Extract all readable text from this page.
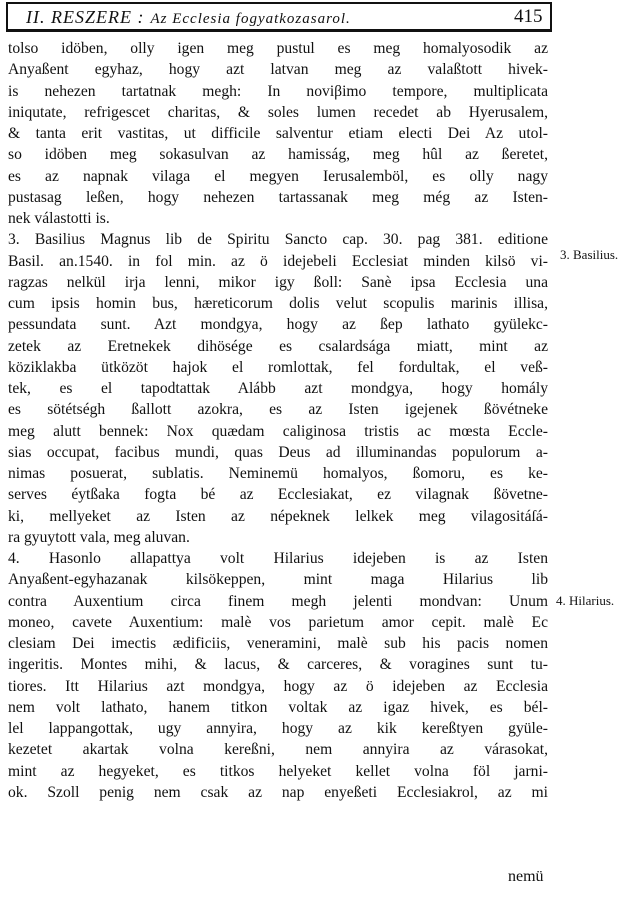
II. RESZERE : Az Ecclesia fogyatkozasarol.	415
tolso idöben, olly igen meg pustul es meg homalyosodik az
Anyaßent egyhaz, hogy azt latvan meg az valaßtott hivek-
is nehezen tartatnak megh: In noviβimo tempore, multiplicata
iniqutate, refrigescet charitas, & soles lumen recedet ab Hyerusalem,
& tanta erit vastitas, ut difficile salventur etiam electi Dei Az utol-
so idöben meg sokasulvan az hamisság, meg hûl az ßeretet,
es az napnak vilaga el megyen Ierusalemböl, es olly nagy
pustasag leßen, hogy nehezen tartassanak meg még az Isten-
nek válastotti is.
3. Basilius Magnus lib de Spiritu Sancto cap. 30. pag 381. editione
Basil. an.1540. in fol min. az ö idejebeli Ecclesiat minden kilsö vi-
ragzas nelkül irja lenni, mikor igy ßoll: Sanè ipsa Ecclesia una
cum ipsis homin bus, hæreticorum dolis velut scopulis marinis illisa,
pessundata sunt. Azt mondgya, hogy az ßep lathato gyülekc-
zetek az Eretnekek dihösége es csalardsága miatt, mint az
köziklakba ütközöt hajok el romlottak, fel fordultak, el veß-
tek, es el tapodtattak Alább azt mondgya, hogy homály
es sötétségh ßallott azokra, es az Isten igejenek ßövétneke
meg alutt bennek: Nox quædam caliginosa tristis ac mœsta Eccle-
sias occupat, facibus mundi, quas Deus ad illuminandas populorum a-
nimas posuerat, sublatis. Neminemü homalyos, ßomoru, es ke-
serves éytßaka fogta bé az Ecclesiakat, ez vilagnak ßövetne-
ki, mellyeket az Isten az népeknek lelkek meg vilagositáſá-
ra gyuytott vala, meg aluvan.
4. Hasonlo allapattya volt Hilarius idejeben is az Isten
Anyaßent-egyhazanak kilsökeppen, mint maga Hilarius lib
contra Auxentium circa finem megh jelenti mondvan: Unum
moneo, cavete Auxentium: malè vos parietum amor cepit. malè Ec
clesiam Dei imectis ædificiis, veneramini, malè sub his pacis nomen
ingeritis. Montes mihi, & lacus, & carceres, & voragines sunt tu-
tiores. Itt Hilarius azt mondgya, hogy az ö idejeben az Ecclesia
nem volt lathato, hanem titkon voltak az igaz hivek, es bél-
lel lappangottak, ugy annyira, hogy az kik kereßtyen gyüle-
kezetet akartak volna kereßni, nem annyira az várasokat,
mint az hegyeket, es titkos helyeket kellet volna föl jarni-
ok. Szoll penig nem csak az nap enyeßeti Ecclesiakrol, az mi
3. Basilius.
4. Hilarius.
nemü
